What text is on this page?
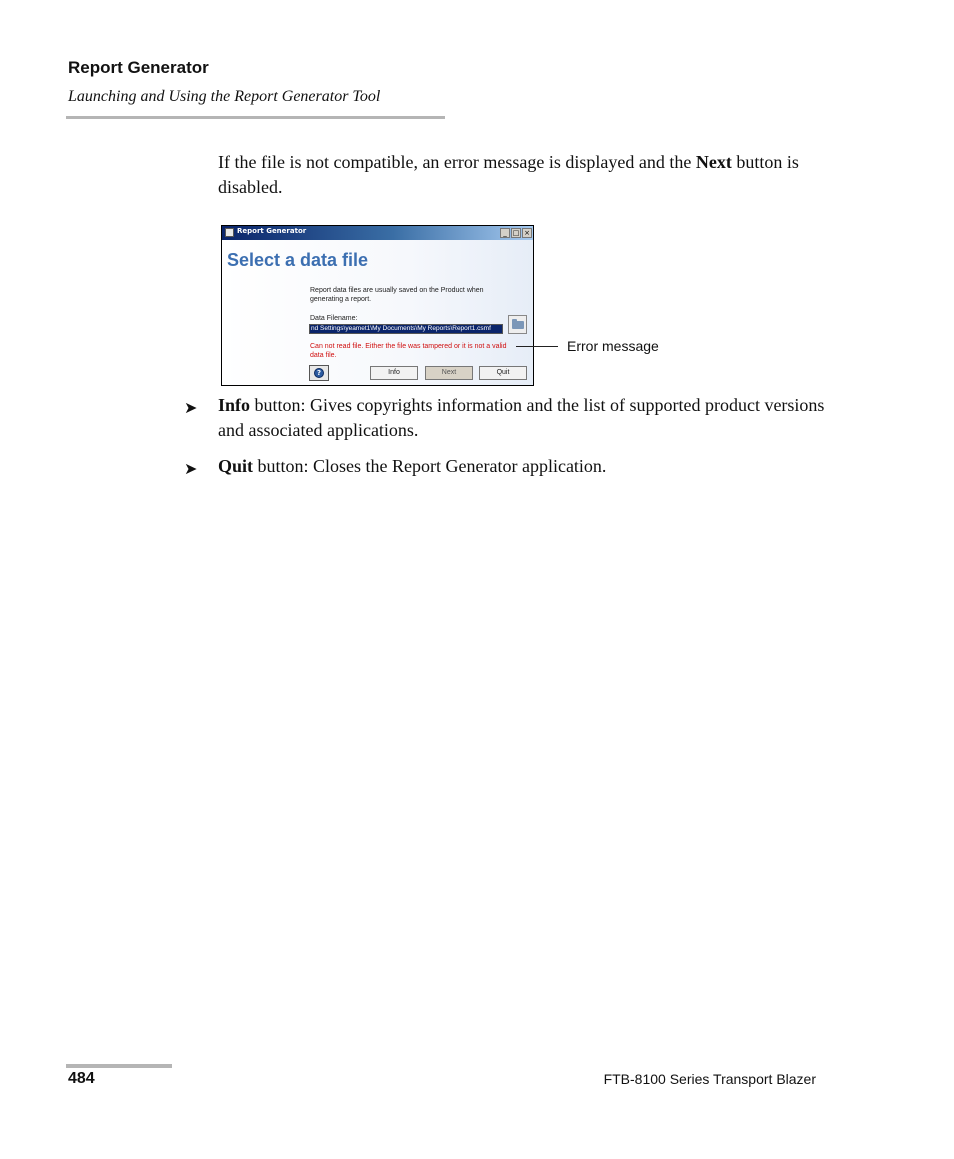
Report Generator
Launching and Using the Report Generator Tool
If the file is not compatible, an error message is displayed and the Next button is disabled.
Report Generator	_ □ ×
Select a data file
Report data files are usually saved on the Product when generating a report.
Data Filename:
nd Settings\yeamet1\My Documents\My Reports\Report1.csmf
Can not read file. Either the file was tampered or it is not a valid data file.
?	Info	Next	Quit
Error message
➤ Info button: Gives copyrights information and the list of supported product versions and associated applications.
➤ Quit button: Closes the Report Generator application.
484	FTB-8100 Series Transport Blazer
